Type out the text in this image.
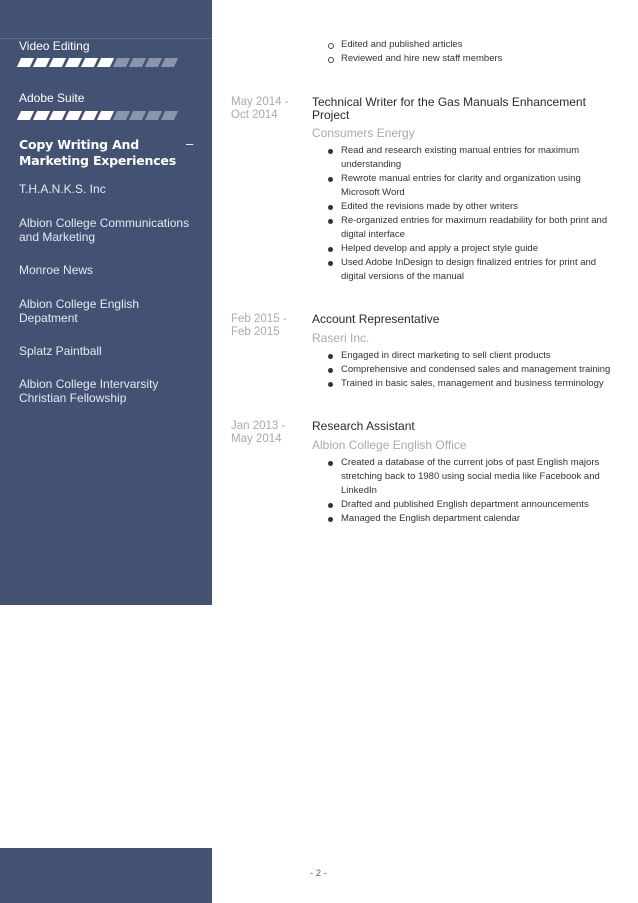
Video Editing
Adobe Suite
Copy Writing And Marketing Experiences
–
T.H.A.N.K.S. Inc
Albion College Communications and Marketing
Monroe News
Albion College English Depatment
Splatz Paintball
Albion College Intervarsity Christian Fellowship
Edited and published articles
Reviewed and hire new staff members
May 2014 -
Oct 2014
Technical Writer for the Gas Manuals Enhancement Project
Consumers Energy
Read and research existing manual entries for maximum understanding
Rewrote manual entries for clarity and organization using Microsoft Word
Edited the revisions made by other writers
Re-organized entries for maximum readability for both print and digital interface
Helped develop and apply a project style guide
Used Adobe InDesign to design finalized entries for print and digital versions of the manual
Feb 2015 -
Feb 2015
Account Representative
Raseri Inc.
Engaged in direct marketing to sell client products
Comprehensive and condensed sales and management training
Trained in basic sales, management and business terminology
Jan 2013 -
May 2014
Research Assistant
Albion College English Office
Created a database of the current jobs of past English majors stretching back to 1980 using social media like Facebook and LinkedIn
Drafted and published English department announcements
Managed the English department calendar
- 2 -
